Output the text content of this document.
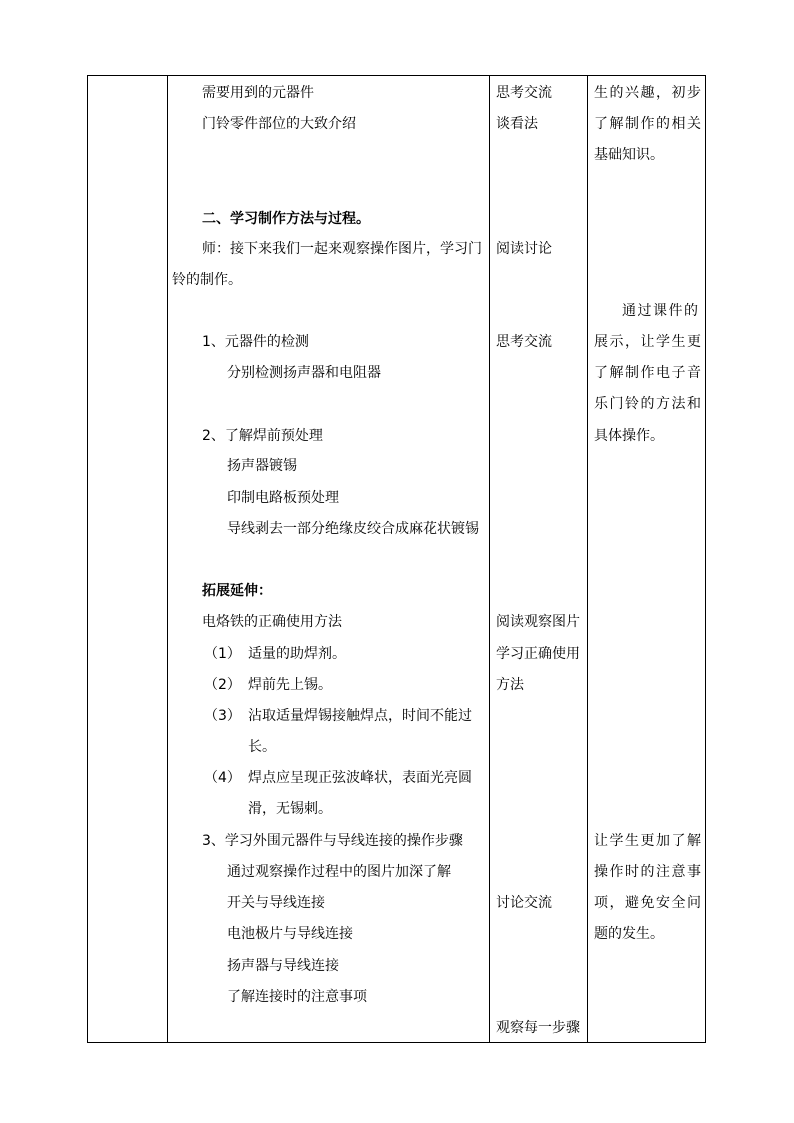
需要用到的元器件
门铃零件部位的大致介绍
二、学习制作方法与过程。
师：接下来我们一起来观察操作图片，学习门
铃的制作。
1、元器件的检测
分别检测扬声器和电阻器
2、了解焊前预处理
扬声器镀锡
印制电路板预处理
导线剥去一部分绝缘皮绞合成麻花状镀锡
拓展延伸：
电烙铁的正确使用方法
（1） 适量的助焊剂。
（2） 焊前先上锡。
（3） 沾取适量焊锡接触焊点，时间不能过
长。
（4） 焊点应呈现正弦波峰状，表面光亮圆
滑，无锡刺。
3、学习外围元器件与导线连接的操作步骤
通过观察操作过程中的图片加深了解
开关与导线连接
电池极片与导线连接
扬声器与导线连接
了解连接时的注意事项
思考交流
谈看法
阅读讨论
思考交流
阅读观察图片
学习正确使用
方法
讨论交流
观察每一步骤
生的兴趣，初步
了解制作的相关
基础知识。
通过课件的
展示，让学生更
了解制作电子音
乐门铃的方法和
具体操作。
让学生更加了解
操作时的注意事
项，避免安全问
题的发生。
